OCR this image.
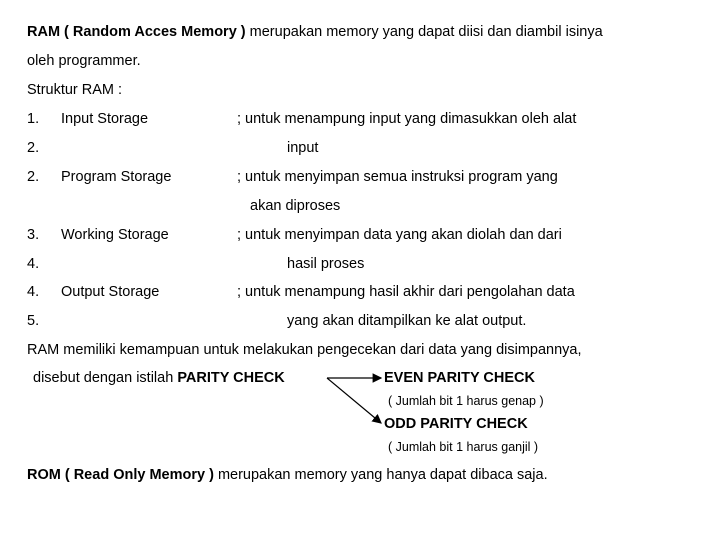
RAM ( Random Acces Memory ) merupakan memory yang dapat diisi dan diambil isinya
oleh programmer.
Struktur RAM :
1. Input Storage	; untuk menampung input yang dimasukkan oleh alat
2.	input
2. Program Storage	; untuk menyimpan semua instruksi program yang
akan diproses
3. Working Storage	; untuk menyimpan data yang akan diolah dan dari
4.	hasil proses
4. Output Storage	; untuk menampung hasil akhir dari pengolahan data
5.	yang akan ditampilkan ke alat output.
RAM memiliki kemampuan untuk melakukan pengecekan dari data yang disimpannya,
disebut dengan istilah PARITY CHECK	EVEN PARITY CHECK
( Jumlah bit 1 harus genap )
ODD PARITY CHECK
( Jumlah bit 1 harus ganjil )
ROM ( Read Only Memory ) merupakan memory yang hanya dapat dibaca saja.
